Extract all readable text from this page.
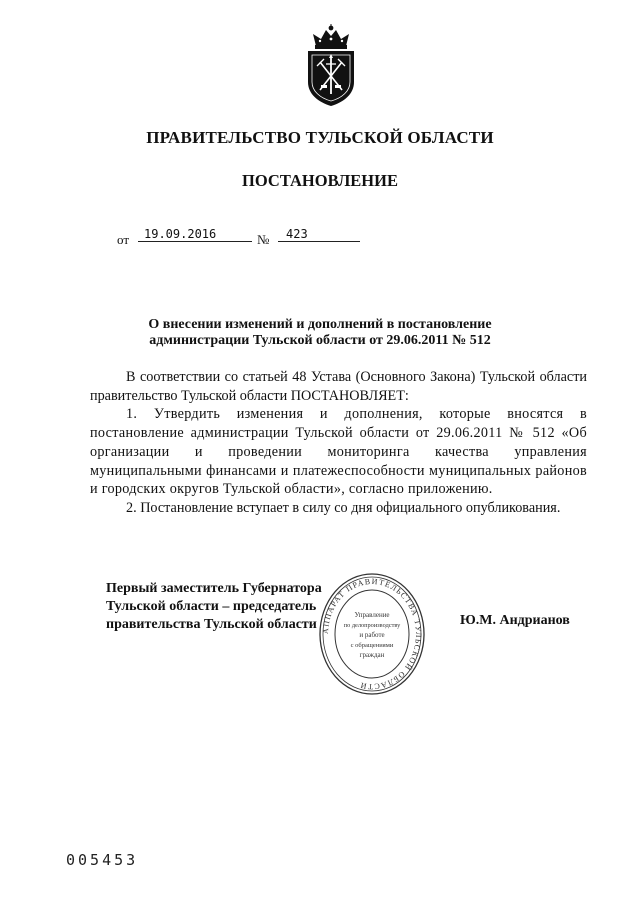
ПРАВИТЕЛЬСТВО ТУЛЬСКОЙ ОБЛАСТИ
ПОСТАНОВЛЕНИЕ
от	19.09.2016	№	423
О внесении изменений и дополнений в постановление
администрации Тульской области от 29.06.2011 № 512

В соответствии со статьей 48 Устава (Основного Закона) Тульской области правительство Тульской области ПОСТАНОВЛЯЕТ:

1. Утвердить изменения и дополнения, которые вносятся в постановление администрации Тульской области от 29.06.2011 № 512 «Об организации и проведении мониторинга качества управления муниципальными финансами и платежеспособности муниципальных районов и городских округов Тульской области», согласно приложению.

2. Постановление вступает в силу со дня официального опубликования.

Первый заместитель Губернатора
Тульской области – председатель
правительства Тульской области АППАРАТ ПРАВИТЕЛЬСТВА ТУЛЬСКОЙ ОБЛАСТИ
Управление
по делопроизводству
и работе
с обращениями
граждан
Ю.М. Андрианов
005453
